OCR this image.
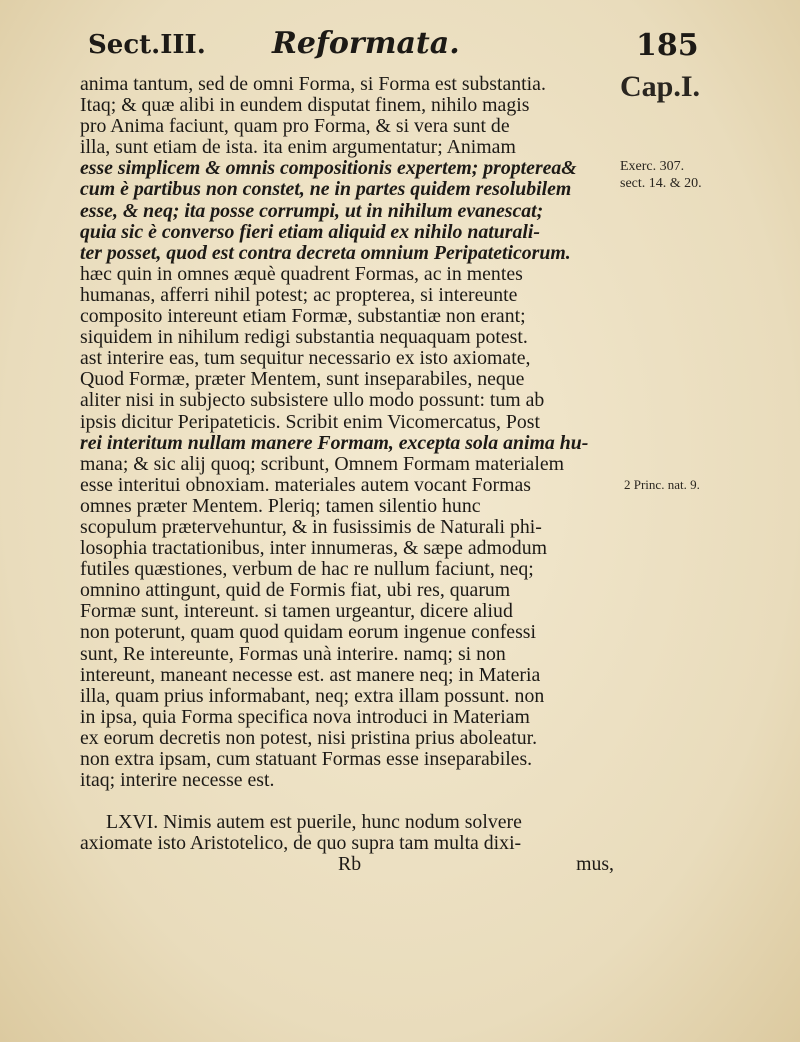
Sect.III. Reformata.	185
Cap.I.
Exerc. 307.
sect. 14. & 20.
2 Princ. nat. 9.
anima tantum, sed de omni Forma, si Forma est substantia.
Itaq; & quæ alibi in eundem disputat finem, nihilo magis
pro Anima faciunt, quam pro Forma, & si vera sunt de
illa, sunt etiam de ista. ita enim argumentatur; Animam
esse simplicem & omnis compositionis expertem; propterea&
cum è partibus non constet, ne in partes quidem resolubilem
esse, & neq; ita posse corrumpi, ut in nihilum evanescat;
quia sic è converso fieri etiam aliquid ex nihilo naturali-
ter posset, quod est contra decreta omnium Peripateticorum.
hæc quin in omnes æquè quadrent Formas, ac in mentes
humanas, afferri nihil potest; ac propterea, si intereunte
composito intereunt etiam Formæ, substantiæ non erant;
siquidem in nihilum redigi substantia nequaquam potest.
ast interire eas, tum sequitur necessario ex isto axiomate,
Quod Formæ, præter Mentem, sunt inseparabiles, neque
aliter nisi in subjecto subsistere ullo modo possunt: tum ab
ipsis dicitur Peripateticis. Scribit enim Vicomercatus, Post
rei interitum nullam manere Formam, excepta sola anima hu-
mana; & sic alij quoq; scribunt, Omnem Formam materialem
esse interitui obnoxiam. materiales autem vocant Formas
omnes præter Mentem. Pleriq; tamen silentio hunc
scopulum prætervehuntur, & in fusissimis de Naturali phi-
losophia tractationibus, inter innumeras, & sæpe admodum
futiles quæstiones, verbum de hac re nullum faciunt, neq;
omnino attingunt, quid de Formis fiat, ubi res, quarum
Formæ sunt, intereunt. si tamen urgeantur, dicere aliud
non poterunt, quam quod quidam eorum ingenue confessi
sunt, Re intereunte, Formas unà interire. namq; si non
intereunt, maneant necesse est. ast manere neq; in Materia
illa, quam prius informabant, neq; extra illam possunt. non
in ipsa, quia Forma specifica nova introduci in Materiam
ex eorum decretis non potest, nisi pristina prius aboleatur.
non extra ipsam, cum statuant Formas esse inseparabiles.
itaq; interire necesse est.
LXVI. Nimis autem est puerile, hunc nodum solvere
axiomate isto Aristotelico, de quo supra tam multa dixi-
Rb	mus,
